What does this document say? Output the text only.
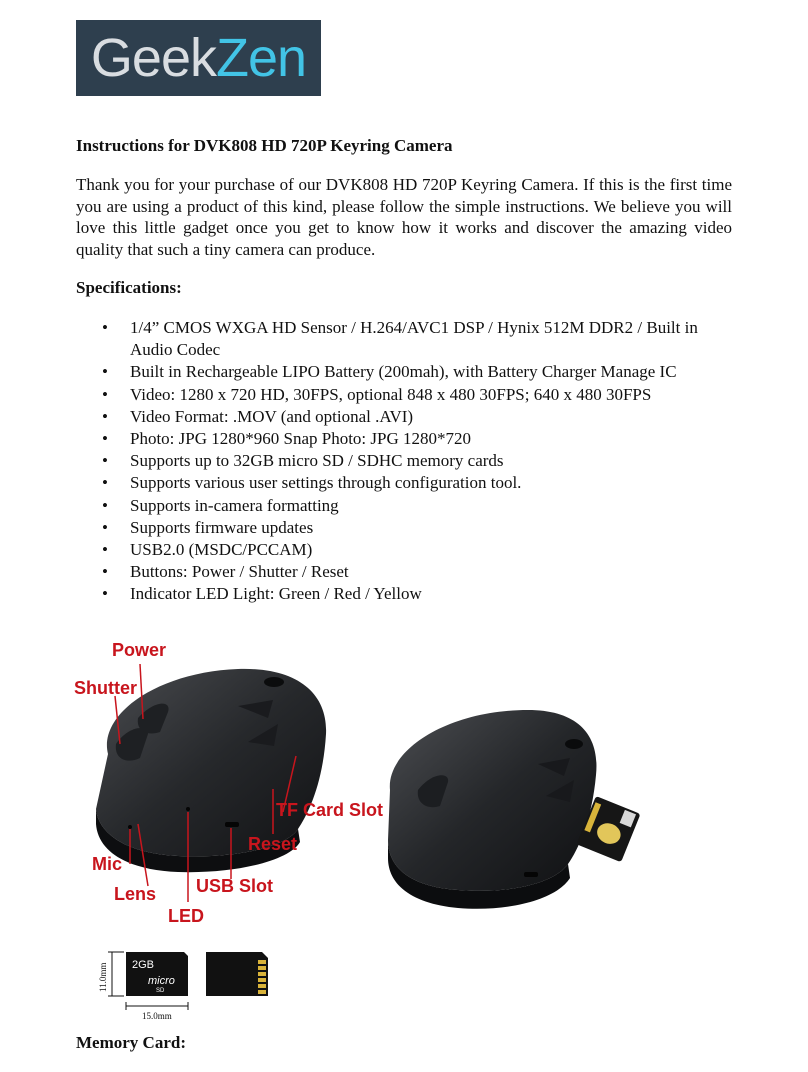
Geek Zen
Instructions for DVK808 HD 720P Keyring Camera

Thank you for your purchase of our DVK808 HD 720P Keyring Camera. If this is the first time you are using a product of this kind, please follow the simple instructions. We believe you will love this little gadget once you get to know how it works and discover the amazing video quality that such a tiny camera can produce.

Specifications:
• 1/4” CMOS WXGA HD Sensor / H.264/AVC1 DSP / Hynix 512M DDR2 / Built in Audio Codec
• Built in Rechargeable LIPO Battery (200mah), with Battery Charger Manage IC
• Video: 1280 x 720 HD, 30FPS, optional 848 x 480 30FPS; 640 x 480 30FPS
• Video Format: .MOV (and optional .AVI)
• Photo: JPG 1280*960 Snap Photo: JPG 1280*720
• Supports up to 32GB micro SD / SDHC memory cards
• Supports various user settings through configuration tool.
• Supports in-camera formatting
• Supports firmware updates
• USB2.0 (MSDC/PCCAM)
• Buttons: Power / Shutter / Reset
• Indicator LED Light: Green / Red / Yellow
Power
Shutter
TF Card Slot
Reset
Mic
Lens USB Slot
LED
11.0mm
15.0mm
2GB
micro
SD
Memory Card:
